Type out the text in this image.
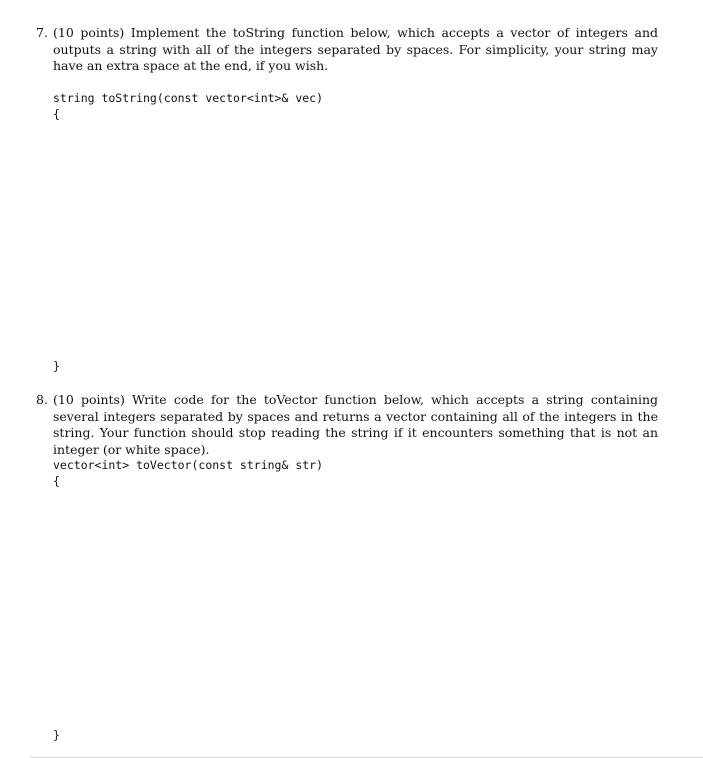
7. (10 points) Implement the toString function below, which accepts a vector of integers and outputs a string with all of the integers separated by spaces. For simplicity, your string may have an extra space at the end, if you wish.
string toString(const vector<int>& vec)
{
}
8. (10 points) Write code for the toVector function below, which accepts a string containing several integers separated by spaces and returns a vector containing all of the integers in the string. Your function should stop reading the string if it encounters something that is not an integer (or white space).
vector<int> toVector(const string& str)
{
}
